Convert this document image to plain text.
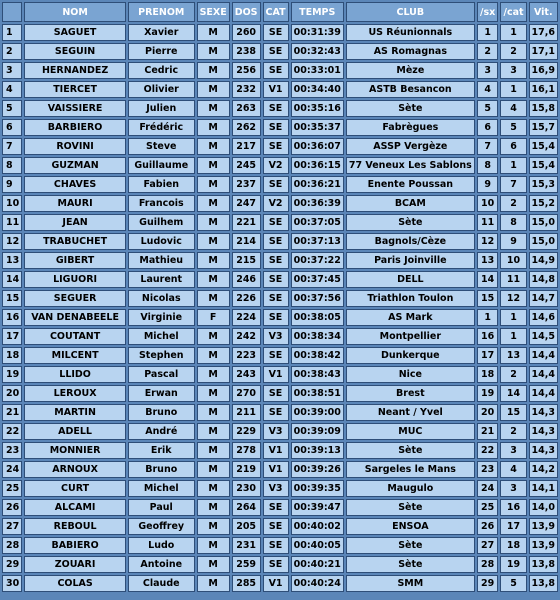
	NOM	PRENOM	SEXE	DOS	CAT	TEMPS	CLUB	/sx	/cat	Vit.
1	SAGUET	Xavier	M	260	SE	00:31:39	US Réunionnals	1	1	17,6
2	SEGUIN	Pierre	M	238	SE	00:32:43	AS Romagnas	2	2	17,1
3	HERNANDEZ	Cedric	M	256	SE	00:33:01	Mèze	3	3	16,9
4	TIERCET	Olivier	M	232	V1	00:34:40	ASTB Besancon	4	1	16,1
5	VAISSIERE	Julien	M	263	SE	00:35:16	Sète	5	4	15,8
6	BARBIERO	Frédéric	M	262	SE	00:35:37	Fabrègues	6	5	15,7
7	ROVINI	Steve	M	217	SE	00:36:07	ASSP Vergèze	7	6	15,4
8	GUZMAN	Guillaume	M	245	V2	00:36:15	77 Veneux Les Sablons	8	1	15,4
9	CHAVES	Fabien	M	237	SE	00:36:21	Enente Poussan	9	7	15,3
10	MAURI	Francois	M	247	V2	00:36:39	BCAM	10	2	15,2
11	JEAN	Guilhem	M	221	SE	00:37:05	Sète	11	8	15,0
12	TRABUCHET	Ludovic	M	214	SE	00:37:13	Bagnols/Cèze	12	9	15,0
13	GIBERT	Mathieu	M	215	SE	00:37:22	Paris Joinville	13	10	14,9
14	LIGUORI	Laurent	M	246	SE	00:37:45	DELL	14	11	14,8
15	SEGUER	Nicolas	M	226	SE	00:37:56	Triathlon Toulon	15	12	14,7
16	VAN DENABEELE	Virginie	F	224	SE	00:38:05	AS Mark	1	1	14,6
17	COUTANT	Michel	M	242	V3	00:38:34	Montpellier	16	1	14,5
18	MILCENT	Stephen	M	223	SE	00:38:42	Dunkerque	17	13	14,4
19	LLIDO	Pascal	M	243	V1	00:38:43	Nice	18	2	14,4
20	LEROUX	Erwan	M	270	SE	00:38:51	Brest	19	14	14,4
21	MARTIN	Bruno	M	211	SE	00:39:00	Neant / Yvel	20	15	14,3
22	ADELL	André	M	229	V3	00:39:09	MUC	21	2	14,3
23	MONNIER	Erik	M	278	V1	00:39:13	Sète	22	3	14,3
24	ARNOUX	Bruno	M	219	V1	00:39:26	Sargeles le Mans	23	4	14,2
25	CURT	Michel	M	230	V3	00:39:35	Maugulo	24	3	14,1
26	ALCAMI	Paul	M	264	SE	00:39:47	Sète	25	16	14,0
27	REBOUL	Geoffrey	M	205	SE	00:40:02	ENSOA	26	17	13,9
28	BABIERO	Ludo	M	231	SE	00:40:05	Sète	27	18	13,9
29	ZOUARI	Antoine	M	259	SE	00:40:21	Sète	28	19	13,8
30	COLAS	Claude	M	285	V1	00:40:24	SMM	29	5	13,8
